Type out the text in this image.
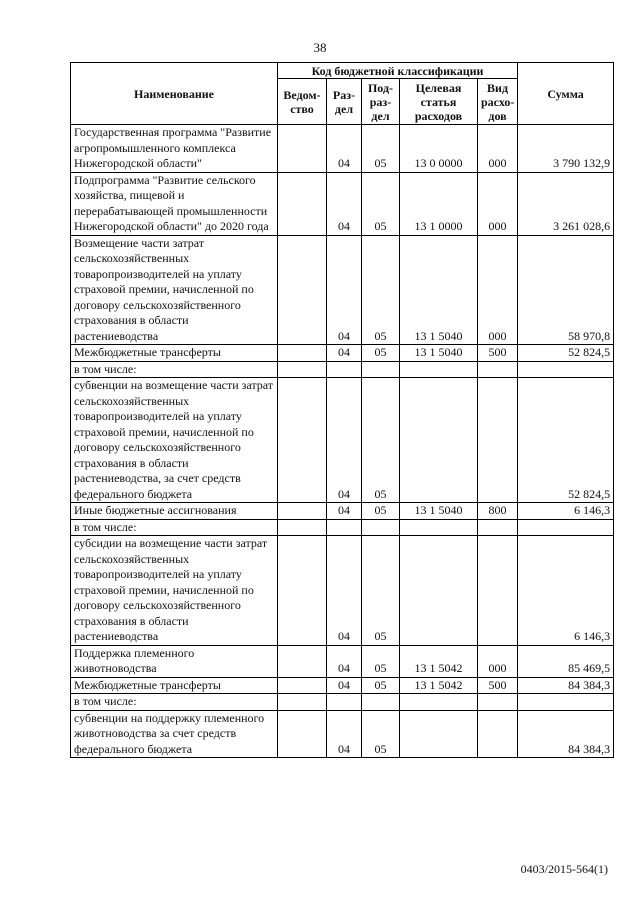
38
Наименование	Код бюджетной классификации					Сумма
	Ведом-ство	Раз-дел	Под-раз-дел	Целевая статья расходов	Вид расхо-дов	
Государственная программа "Развитие агропромышленного комплекса Нижегородской области"		04	05	13 0 0000	000	3 790 132,9
Подпрограмма "Развитие сельского хозяйства, пищевой и перерабатывающей промышленности Нижегородской области" до 2020 года		04	05	13 1 0000	000	3 261 028,6
Возмещение части затрат сельскохозяйственных товаропроизводителей на уплату страховой премии, начисленной по договору сельскохозяйственного страхования в области растениеводства		04	05	13 1 5040	000	58 970,8
Межбюджетные трансферты		04	05	13 1 5040	500	52 824,5
в том числе:						
субвенции на возмещение части затрат сельскохозяйственных товаропроизводителей на уплату страховой премии, начисленной по договору сельскохозяйственного страхования в области растениеводства, за счет средств федерального бюджета		04	05			52 824,5
Иные бюджетные ассигнования		04	05	13 1 5040	800	6 146,3
в том числе:						
субсидии на возмещение части затрат сельскохозяйственных товаропроизводителей на уплату страховой премии, начисленной по договору сельскохозяйственного страхования в области растениеводства		04	05			6 146,3
Поддержка племенного животноводства		04	05	13 1 5042	000	85 469,5
Межбюджетные трансферты		04	05	13 1 5042	500	84 384,3
в том числе:						
субвенции на поддержку племенного животноводства за счет средств федерального бюджета		04	05			84 384,3
0403/2015-564(1)
